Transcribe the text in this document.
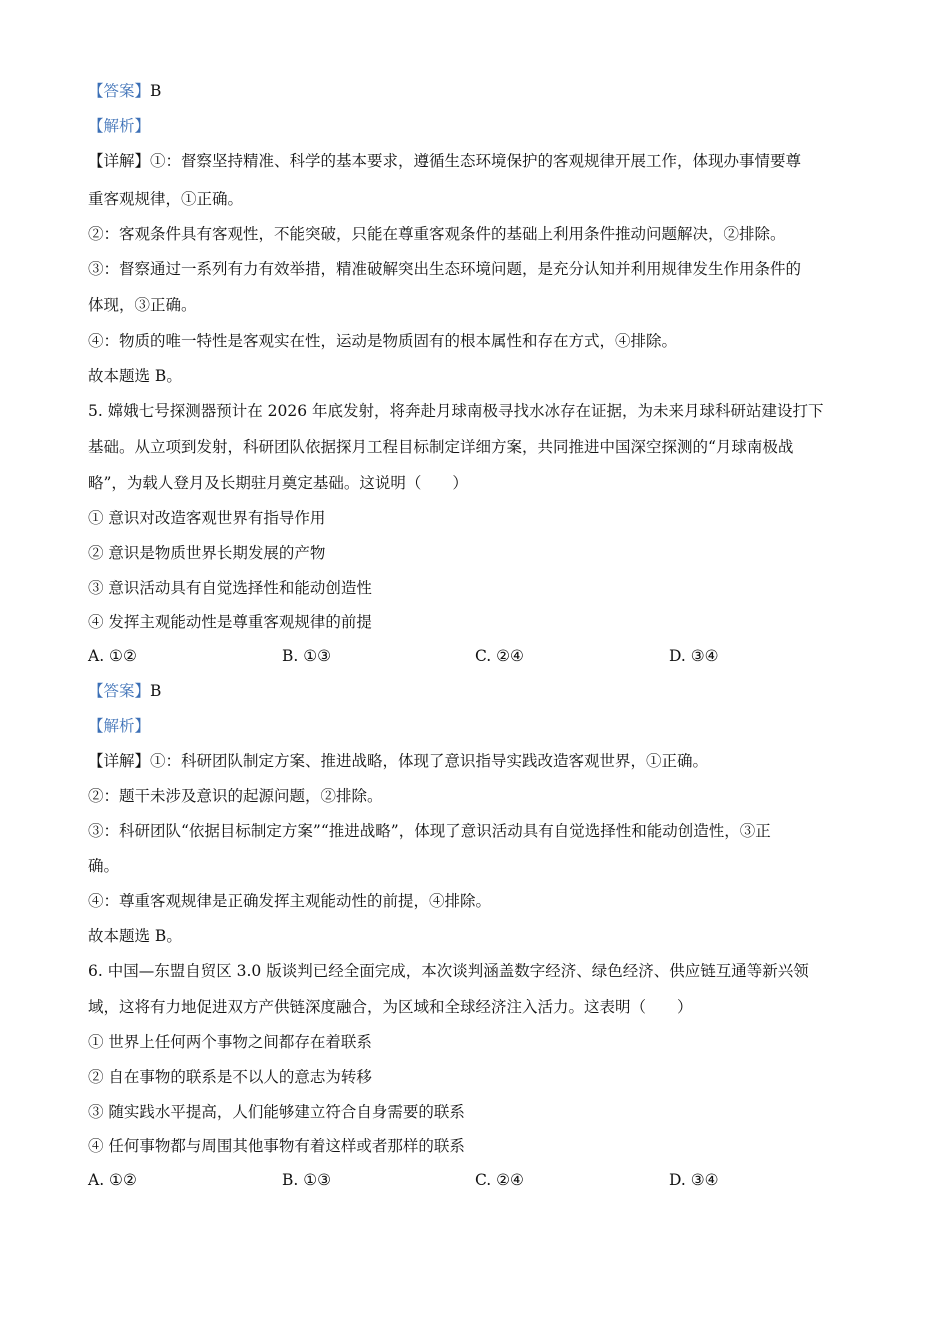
【答案】B
【解析】
【详解】①：督察坚持精准、科学的基本要求，遵循生态环境保护的客观规律开展工作，体现办事情要尊
重客观规律，①正确。
②：客观条件具有客观性，不能突破，只能在尊重客观条件的基础上利用条件推动问题解决，②排除。
③：督察通过一系列有力有效举措，精准破解突出生态环境问题，是充分认知并利用规律发生作用条件的
体现，③正确。
④：物质的唯一特性是客观实在性，运动是物质固有的根本属性和存在方式，④排除。
故本题选 B。
5. 嫦娥七号探测器预计在 2026 年底发射，将奔赴月球南极寻找水冰存在证据，为未来月球科研站建设打下
基础。从立项到发射，科研团队依据探月工程目标制定详细方案，共同推进中国深空探测的“月球南极战
略”，为载人登月及长期驻月奠定基础。这说明（　　）
① 意识对改造客观世界有指导作用
② 意识是物质世界长期发展的产物
③ 意识活动具有自觉选择性和能动创造性
④ 发挥主观能动性是尊重客观规律的前提
A. ①②	B. ①③	C. ②④	D. ③④
【答案】B
【解析】
【详解】①：科研团队制定方案、推进战略，体现了意识指导实践改造客观世界，①正确。
②：题干未涉及意识的起源问题，②排除。
③：科研团队“依据目标制定方案”“推进战略”，体现了意识活动具有自觉选择性和能动创造性，③正
确。
④：尊重客观规律是正确发挥主观能动性的前提，④排除。
故本题选 B。
6. 中国—东盟自贸区 3.0 版谈判已经全面完成，本次谈判涵盖数字经济、绿色经济、供应链互通等新兴领
域，这将有力地促进双方产供链深度融合，为区域和全球经济注入活力。这表明（　　）
① 世界上任何两个事物之间都存在着联系
② 自在事物的联系是不以人的意志为转移
③ 随实践水平提高，人们能够建立符合自身需要的联系
④ 任何事物都与周围其他事物有着这样或者那样的联系
A. ①②	B. ①③	C. ②④	D. ③④
